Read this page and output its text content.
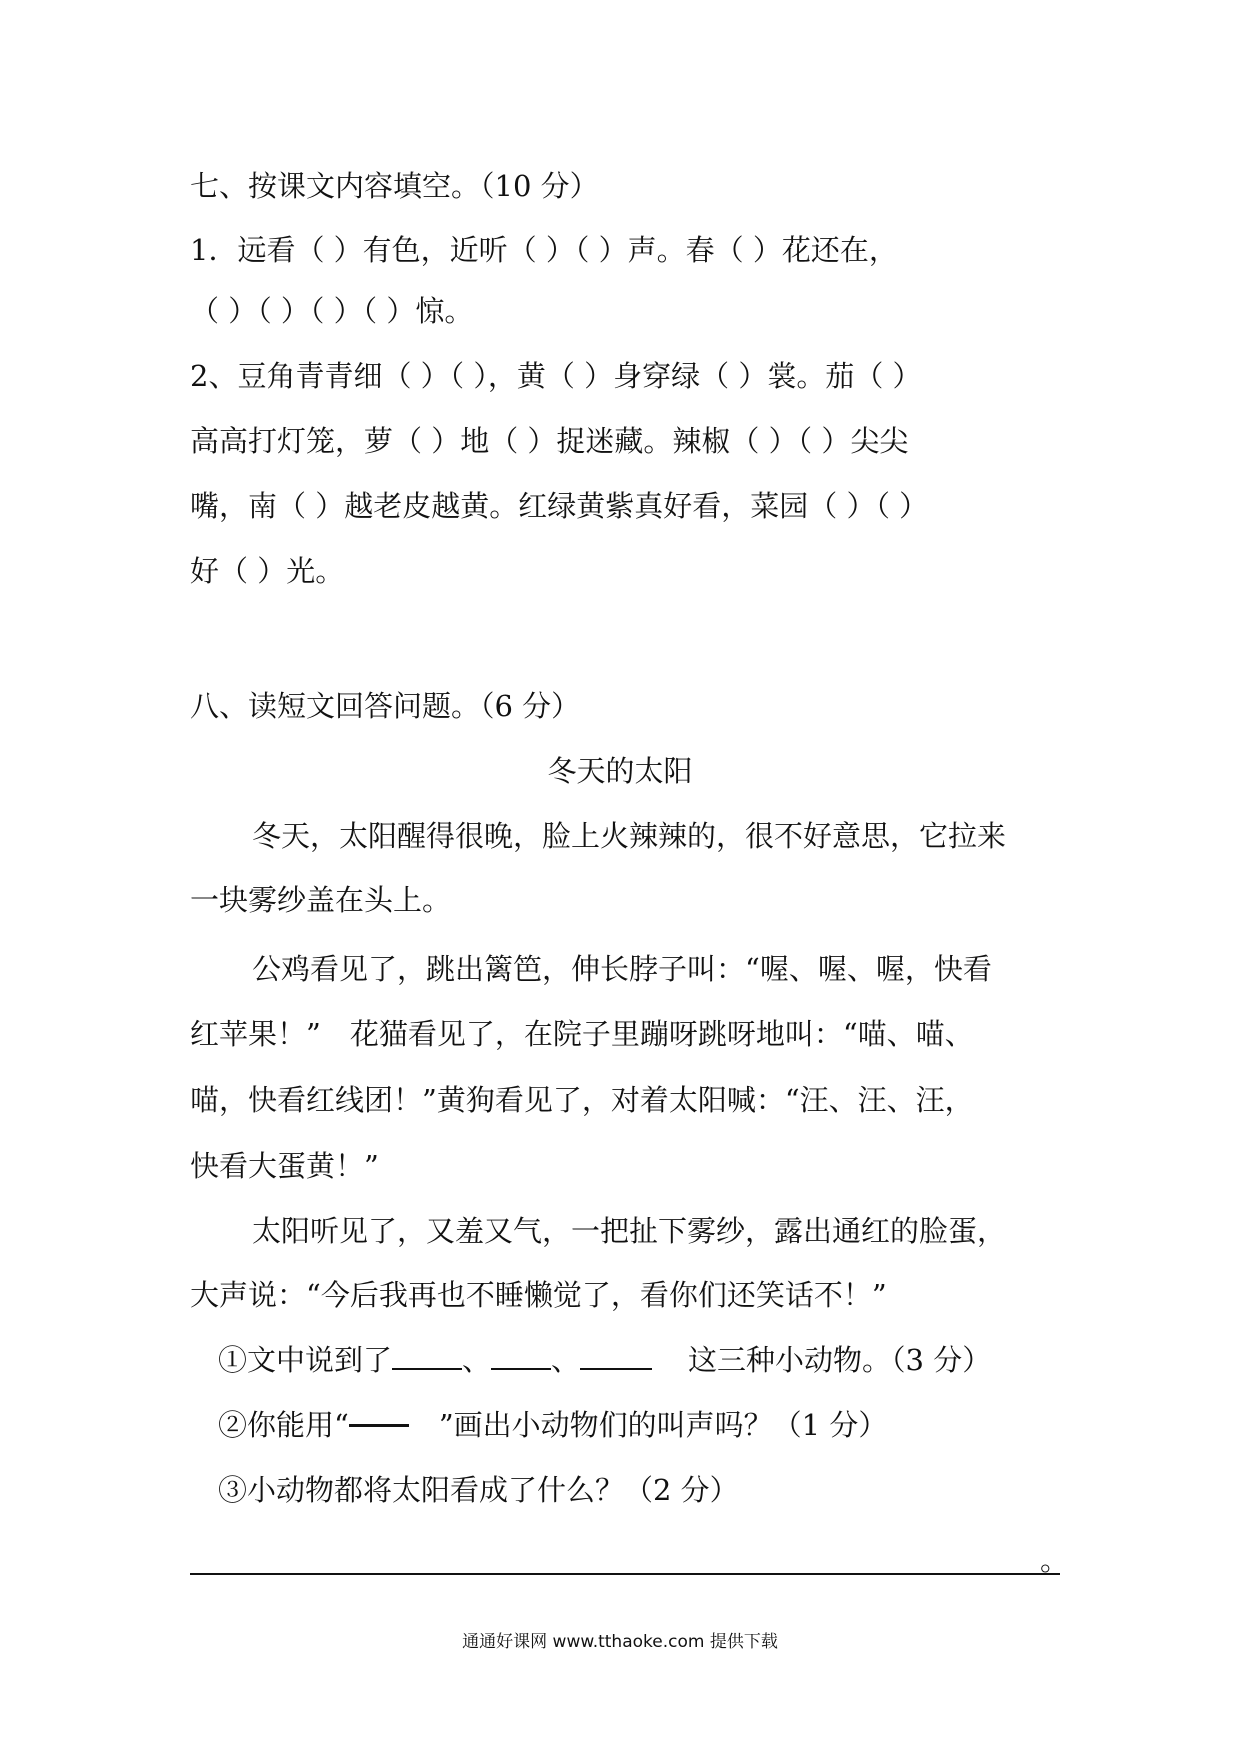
七、按课文内容填空。（10 分）
1．远看（ ）有色，近听（ ）（ ）声。春（ ）花还在，
（ ）（ ）（ ）（ ）惊。
2、豆角青青细（ ）（ ），黄（ ）身穿绿（ ）裳。茄（ ）
高高打灯笼，萝（ ）地（ ）捉迷藏。辣椒（ ）（ ）尖尖
嘴，南（ ）越老皮越黄。红绿黄紫真好看，菜园（ ）（ ）
好（ ）光。
八、读短文回答问题。（6 分）
冬天的太阳
冬天，太阳醒得很晚，脸上火辣辣的，很不好意思，它拉来
一块雾纱盖在头上。
公鸡看见了，跳出篱笆，伸长脖子叫：“喔、喔、喔，快看
红苹果！”　花猫看见了，在院子里蹦呀跳呀地叫：“喵、喵、
喵，快看红线团！”黄狗看见了，对着太阳喊：“汪、汪、汪，
快看大蛋黄！”
太阳听见了，又羞又气，一把扯下雾纱，露出通红的脸蛋，
大声说：“今后我再也不睡懒觉了，看你们还笑话不！”
①文中说到了 、 、	这三种小动物。（3 分）
②你能用“	”画出小动物们的叫声吗？（1 分）
③小动物都将太阳看成了什么？（2 分）
。
通通好课网 www.tthaoke.com 提供下载
